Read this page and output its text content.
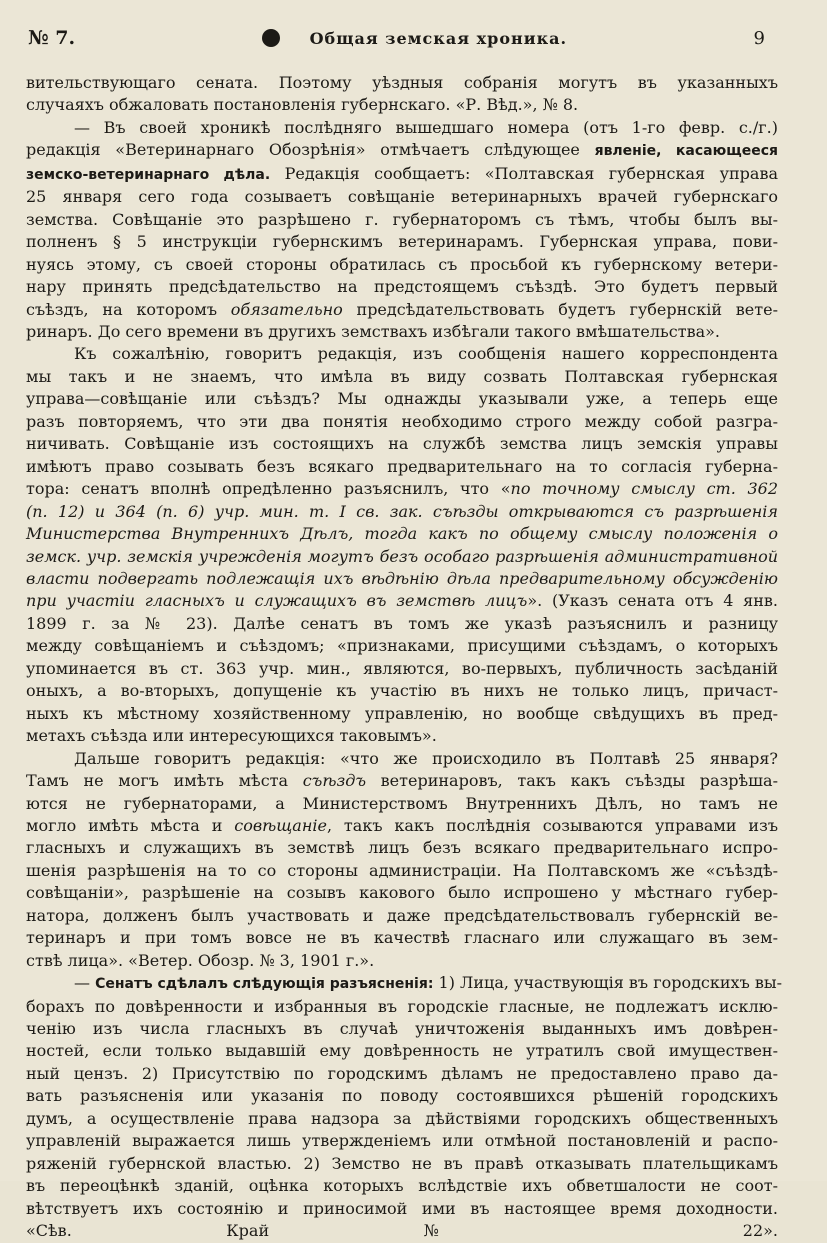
№ 7.	Общая земская хроника.	9
вительствующаго сената. Поэтому уѣздныя собранія могутъ въ указанныхъ
случаяхъ обжаловать постановленія губернскаго. «Р. Вѣд.», № 8.
— Въ своей хроникѣ послѣдняго вышедшаго номера (отъ 1-го февр. с./г.)
редакція «Ветеринарнаго Обозрѣнія» отмѣчаетъ слѣдующее явленіе, касающееся
земско-ветеринарнаго дѣла. Редакція сообщаетъ: «Полтавская губернская управа
25 января сего года созываетъ совѣщаніе ветеринарныхъ врачей губернскаго
земства. Совѣщаніе это разрѣшено г. губернаторомъ съ тѣмъ, чтобы былъ вы-
полненъ § 5 инструкціи губернскимъ ветеринарамъ. Губернская управа, пови-
нуясь этому, съ своей стороны обратилась съ просьбой къ губернскому ветери-
нару принять предсѣдательство на предстоящемъ съѣздѣ. Это будетъ первый
съѣздъ, на которомъ обязательно предсѣдательствовать будетъ губернскій вете-
ринаръ. До сего времени въ другихъ земствахъ избѣгали такого вмѣшательства».
Къ сожалѣнію, говоритъ редакція, изъ сообщенія нашего корреспондента
мы такъ и не знаемъ, что имѣла въ виду созвать Полтавская губернская
управа—совѣщаніе или съѣздъ? Мы однажды указывали уже, а теперь еще
разъ повторяемъ, что эти два понятія необходимо строго между собой разгра-
ничивать. Совѣщаніе изъ состоящихъ на службѣ земства лицъ земскія управы
имѣютъ право созывать безъ всякаго предварительнаго на то согласія губерна-
тора: сенатъ вполнѣ опредѣленно разъяснилъ, что «по точному смыслу ст. 362
(п. 12) и 364 (п. 6) учр. мин. т. I св. зак. съѣзды открываются съ разрѣшенія
Министерства Внутреннихъ Дѣлъ, тогда какъ по общему смыслу положенія о
земск. учр. земскія учрежденія могутъ безъ особаго разрѣшенія административной
власти подвергать подлежащія ихъ вѣдѣнію дѣла предварительному обсужденію
при участіи гласныхъ и служащихъ въ земствѣ лицъ». (Указъ сената отъ 4 янв.
1899 г. за № 23). Далѣе сенатъ въ томъ же указѣ разъяснилъ и разницу
между совѣщаніемъ и съѣздомъ; «признаками, присущими съѣздамъ, о которыхъ
упоминается въ ст. 363 учр. мин., являются, во-первыхъ, публичность засѣданій
оныхъ, а во-вторыхъ, допущеніе къ участію въ нихъ не только лицъ, причаст-
ныхъ къ мѣстному хозяйственному управленію, но вообще свѣдущихъ въ пред-
метахъ съѣзда или интересующихся таковымъ».
Дальше говоритъ редакція: «что же происходило въ Полтавѣ 25 января?
Тамъ не могъ имѣть мѣста съѣздъ ветеринаровъ, такъ какъ съѣзды разрѣша-
ются не губернаторами, а Министерствомъ Внутреннихъ Дѣлъ, но тамъ не
могло имѣть мѣста и совѣщаніе, такъ какъ послѣднія созываются управами изъ
гласныхъ и служащихъ въ земствѣ лицъ безъ всякаго предварительнаго испро-
шенія разрѣшенія на то со стороны администраціи. На Полтавскомъ же «съѣздѣ-
совѣщаніи», разрѣшеніе на созывъ какового было испрошено у мѣстнаго губер-
натора, долженъ былъ участвовать и даже предсѣдательствовалъ губернскій ве-
теринаръ и при томъ вовсе не въ качествѣ гласнаго или служащаго въ зем-
ствѣ лица». «Ветер. Обозр. № 3, 1901 г.».
— Сенатъ сдѣлалъ слѣдующія разъясненія: 1) Лица, участвующія въ городскихъ вы-
борахъ по довѣренности и избранныя въ городскіе гласные, не подлежатъ исклю-
ченію изъ числа гласныхъ въ случаѣ уничтоженія выданныхъ имъ довѣрен-
ностей, если только выдавшій ему довѣренность не утратилъ свой имуществен-
ный цензъ. 2) Присутствію по городскимъ дѣламъ не предоставлено право да-
вать разъясненія или указанія по поводу состоявшихся рѣшеній городскихъ
думъ, а осуществленіе права надзора за дѣйствіями городскихъ общественныхъ
управленій выражается лишь утвержденіемъ или отмѣной постановленій и распо-
ряженій губернской властью. 2) Земство не въ правѣ отказывать плательщикамъ
въ переоцѣнкѣ зданій, оцѣнка которыхъ вслѣдствіе ихъ обветшалости не соот-
вѣтствуетъ ихъ состоянію и приносимой ими въ настоящее время доходности.
«Сѣв. Край № 22».
